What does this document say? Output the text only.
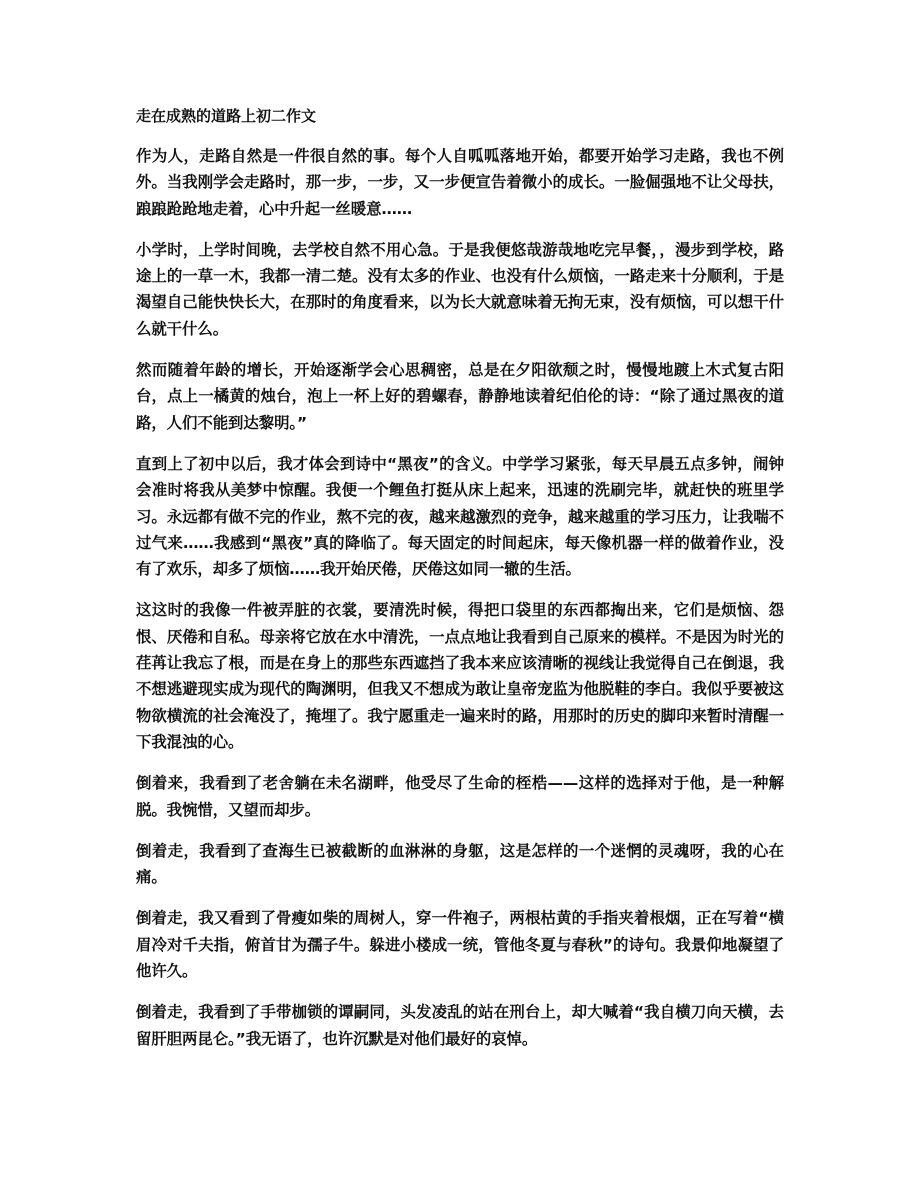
走在成熟的道路上初二作文

作为人，走路自然是一件很自然的事。每个人自呱呱落地开始，都要开始学习走路，我也不例外。当我刚学会走路时，那一步，一步，又一步便宣告着微小的成长。一脸倔强地不让父母扶，踉踉跄跄地走着，心中升起一丝暖意……

小学时，上学时间晚，去学校自然不用心急。于是我便悠哉游哉地吃完早餐，，漫步到学校，路途上的一草一木，我都一清二楚。没有太多的作业、也没有什么烦恼，一路走来十分顺利，于是渴望自己能快快长大，在那时的角度看来，以为长大就意味着无拘无束，没有烦恼，可以想干什么就干什么。

然而随着年龄的增长，开始逐渐学会心思稠密，总是在夕阳欲颓之时，慢慢地踱上木式复古阳台，点上一橘黄的烛台，泡上一杯上好的碧螺春，静静地读着纪伯伦的诗：“除了通过黑夜的道路，人们不能到达黎明。”

直到上了初中以后，我才体会到诗中“黑夜”的含义。中学学习紧张，每天早晨五点多钟，闹钟会准时将我从美梦中惊醒。我便一个鲤鱼打挺从床上起来，迅速的洗刷完毕，就赶快的班里学习。永远都有做不完的作业，熬不完的夜，越来越激烈的竞争，越来越重的学习压力，让我喘不过气来……我感到“黑夜”真的降临了。每天固定的时间起床，每天像机器一样的做着作业，没有了欢乐，却多了烦恼……我开始厌倦，厌倦这如同一辙的生活。

这这时的我像一件被弄脏的衣裳，要清洗时候，得把口袋里的东西都掏出来，它们是烦恼、怨恨、厌倦和自私。母亲将它放在水中清洗，一点点地让我看到自己原来的模样。不是因为时光的荏苒让我忘了根，而是在身上的那些东西遮挡了我本来应该清晰的视线让我觉得自己在倒退，我不想逃避现实成为现代的陶渊明，但我又不想成为敢让皇帝宠监为他脱鞋的李白。我似乎要被这物欲横流的社会淹没了，掩埋了。我宁愿重走一遍来时的路，用那时的历史的脚印来暂时清醒一下我混浊的心。

倒着来，我看到了老舍躺在未名湖畔，他受尽了生命的桎梏——这样的选择对于他，是一种解脱。我惋惜，又望而却步。

倒着走，我看到了查海生已被截断的血淋淋的身躯，这是怎样的一个迷惘的灵魂呀，我的心在痛。

倒着走，我又看到了骨瘦如柴的周树人，穿一件袍子，两根枯黄的手指夹着根烟，正在写着“横眉冷对千夫指，俯首甘为孺子牛。躲进小楼成一统，管他冬夏与春秋”的诗句。我景仰地凝望了他许久。

倒着走，我看到了手带枷锁的谭嗣同，头发凌乱的站在刑台上，却大喊着“我自横刀向天横，去留肝胆两昆仑。”我无语了，也许沉默是对他们最好的哀悼。
